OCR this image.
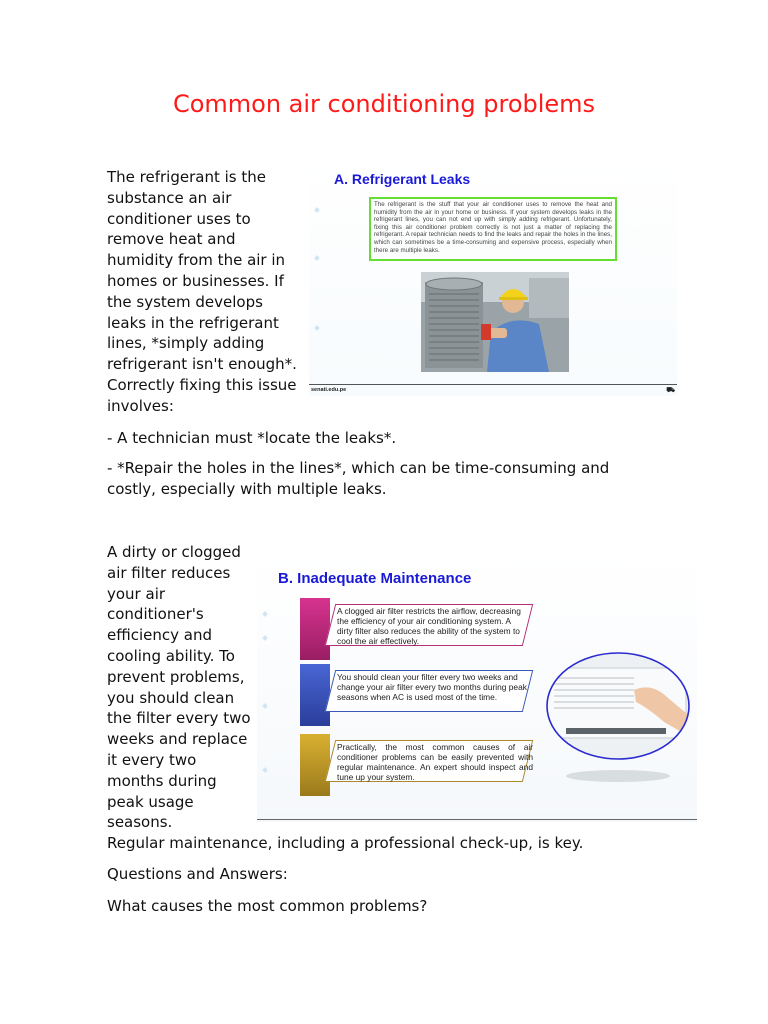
Common air conditioning problems

The refrigerant is the substance an air conditioner uses to remove heat and humidity from the air in homes or businesses. If the system develops leaks in the refrigerant lines, *simply adding refrigerant isn't enough*. Correctly fixing this issue involves:

A. Refrigerant Leaks
The refrigerant is the stuff that your air conditioner uses to remove the heat and humidity from the air in your home or business. If your system develops leaks in the refrigerant lines, you can not end up with simply adding refrigerant. Unfortunately, fixing this air conditioner problem correctly is not just a matter of replacing the refrigerant. A repair technician needs to find the leaks and repair the holes in the lines, which can sometimes be a time-consuming and expensive process, especially when there are multiple leaks.
senati.edu.pe	⛟

- A technician must *locate the leaks*.

- *Repair the holes in the lines*, which can be time-consuming and costly, especially with multiple leaks.

A dirty or clogged air filter reduces your air conditioner's efficiency and cooling ability. To prevent problems, you should clean the filter every two weeks and replace it every two months during peak usage seasons.

B. Inadequate Maintenance
A clogged air filter restricts the airflow, decreasing the efficiency of your air conditioning system. A dirty filter also reduces the ability of the system to cool the air effectively.
You should clean your filter every two weeks and change your air filter every two months during peak seasons when AC is used most of the time.
Practically, the most common causes of air conditioner problems can be easily prevented with regular maintenance. An expert should inspect and tune up your system.

Regular maintenance, including a professional check-up, is key.

Questions and Answers:

What causes the most common problems?
